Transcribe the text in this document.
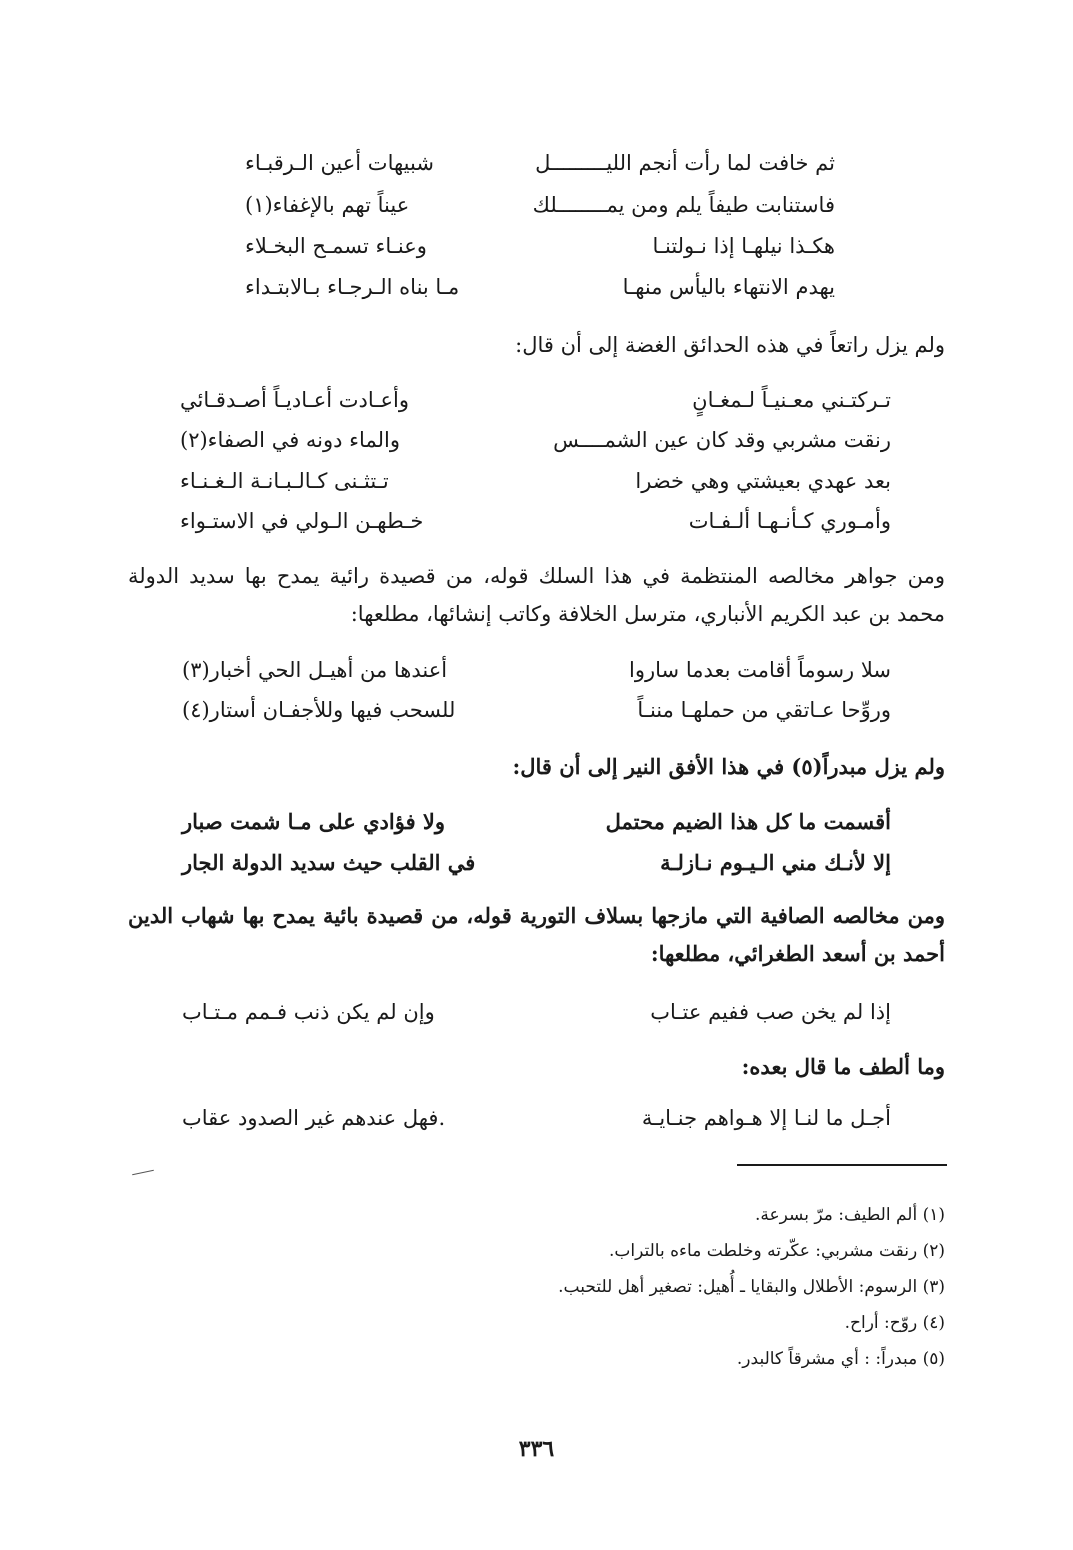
ثم خافت لما رأت أنجم الليـــــــــل
شبيهات أعين الـرقبـاء
فاستنابت طيفاً يلم ومن يمــــــــلك
عيناً تهم بالإغفاء(١)
هكـذا نيلهـا إذا نـولتنـا
وعنـاء تسمـح البخـلاء
يهدم الانتهاء باليأس منهـا
مـا بناه الـرجـاء بـالابتـداء
ولم يزل راتعاً في هذه الحدائق الغضة إلى أن قال:
تـركتـني معـنيـاً لـمغـانٍ
وأعـادت أعـاديـاً أصـدقـائي
رنقت مشربي وقد كان عين الشمــــس
والماء دونه في الصفاء(٢)
بعد عهدي بعيشتي وهي خضرا
تـتثـنى كـالـبـانـة الـغـنـاء
وأمـوري كـأنـهـا ألـفـات
خـطهـن الـولي في الاستـواء
ومن جواهر مخالصه المنتظمة في هذا السلك قوله، من قصيدة رائية يمدح بها سديد الدولة محمد بن عبد الكريم الأنباري، مترسل الخلافة وكاتب إنشائها، مطلعها:
سلا رسوماً أقامت بعدما ساروا
أعندها من أهيـل الحي أخبار(٣)
وروِّحا عـاتقي من حملهـا مننـاً
للسحب فيها وللأجفـان أستار(٤)
ولم يزل مبدراً(٥) في هذا الأفق النير إلى أن قال:
أقسمت ما كل هذا الضيم محتمل
ولا فؤادي على مـا شمت صبار
إلا لأنـك مني الـيـوم نـازلـة
في القلب حيث سديد الدولة الجار
ومن مخالصه الصافية التي مازجها بسلاف التورية قوله، من قصيدة بائية يمدح بها شهاب الدين أحمد بن أسعد الطغرائي، مطلعها:
إذا لم يخن صب ففيم عتـاب
وإن لم يكن ذنب فـمم مـتـاب
وما ألطف ما قال بعده:
أجـل ما لنـا إلا هـواهم جنـايـة
.فهل عندهم غير الصدود عقاب
(١) ألم الطيف: مرّ بسرعة.
(٢) رنقت مشربي: عكّرته وخلطت ماءه بالتراب.
(٣) الرسوم: الأطلال والبقايا ـ أُهيل: تصغير أهل للتحبب.
(٤) روّح: أراح.
(٥) مبدراً: : أي مشرقاً كالبدر.
٣٣٦
